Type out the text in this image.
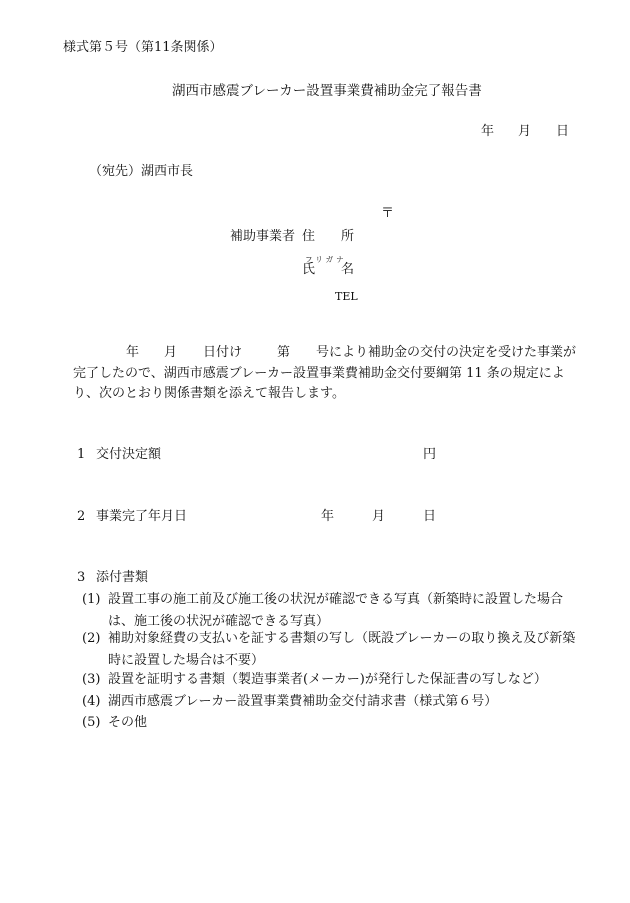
様式第５号（第11条関係）
湖西市感震ブレーカー設置事業費補助金完了報告書
年 月 日
（宛先）湖西市長
〒
補助事業者 住 所
フリガナ
氏 名
TEL
年 月 日付け	第 号により補助金の交付の決定を受けた事業が
完了したので、湖西市感震ブレーカー設置事業費補助金交付要綱第 11 条の規定によ
り、次のとおり関係書類を添えて報告します。
1 交付決定額	円
2 事業完了年月日	年	月	日
3 添付書類
(1) 設置工事の施工前及び施工後の状況が確認できる写真（新築時に設置した場合は、施工後の状況が確認できる写真）
(2) 補助対象経費の支払いを証する書類の写し（既設ブレーカーの取り換え及び新築時に設置した場合は不要）
(3) 設置を証明する書類（製造事業者(メーカー)が発行した保証書の写しなど）
(4) 湖西市感震ブレーカー設置事業費補助金交付請求書（様式第６号）
(5) その他
